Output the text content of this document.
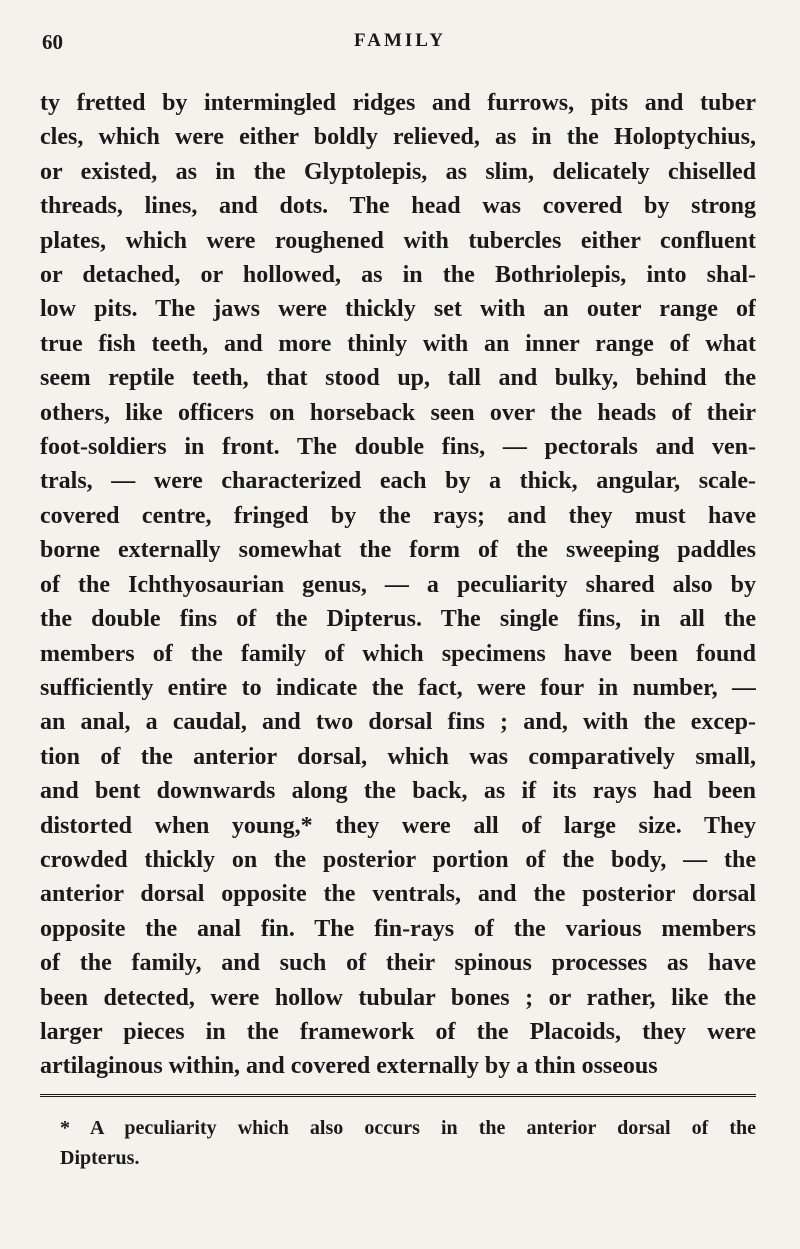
60	FAMILY
ty fretted by intermingled ridges and furrows, pits and tuber
cles, which were either boldly relieved, as in the Holoptychius,
or existed, as in the Glyptolepis, as slim, delicately chiselled
threads, lines, and dots. The head was covered by strong
plates, which were roughened with tubercles either confluent
or detached, or hollowed, as in the Bothriolepis, into shal-
low pits. The jaws were thickly set with an outer range of
true fish teeth, and more thinly with an inner range of what
seem reptile teeth, that stood up, tall and bulky, behind the
others, like officers on horseback seen over the heads of their
foot-soldiers in front. The double fins, — pectorals and ven-
trals, — were characterized each by a thick, angular, scale-
covered centre, fringed by the rays; and they must have
borne externally somewhat the form of the sweeping paddles
of the Ichthyosaurian genus, — a peculiarity shared also by
the double fins of the Dipterus. The single fins, in all the
members of the family of which specimens have been found
sufficiently entire to indicate the fact, were four in number, —
an anal, a caudal, and two dorsal fins ; and, with the excep-
tion of the anterior dorsal, which was comparatively small,
and bent downwards along the back, as if its rays had been
distorted when young,* they were all of large size. They
crowded thickly on the posterior portion of the body, — the
anterior dorsal opposite the ventrals, and the posterior dorsal
opposite the anal fin. The fin-rays of the various members
of the family, and such of their spinous processes as have
been detected, were hollow tubular bones ; or rather, like the
larger pieces in the framework of the Placoids, they were
artilaginous within, and covered externally by a thin osseous
* A peculiarity which also occurs in the anterior dorsal of the
Dipterus.
